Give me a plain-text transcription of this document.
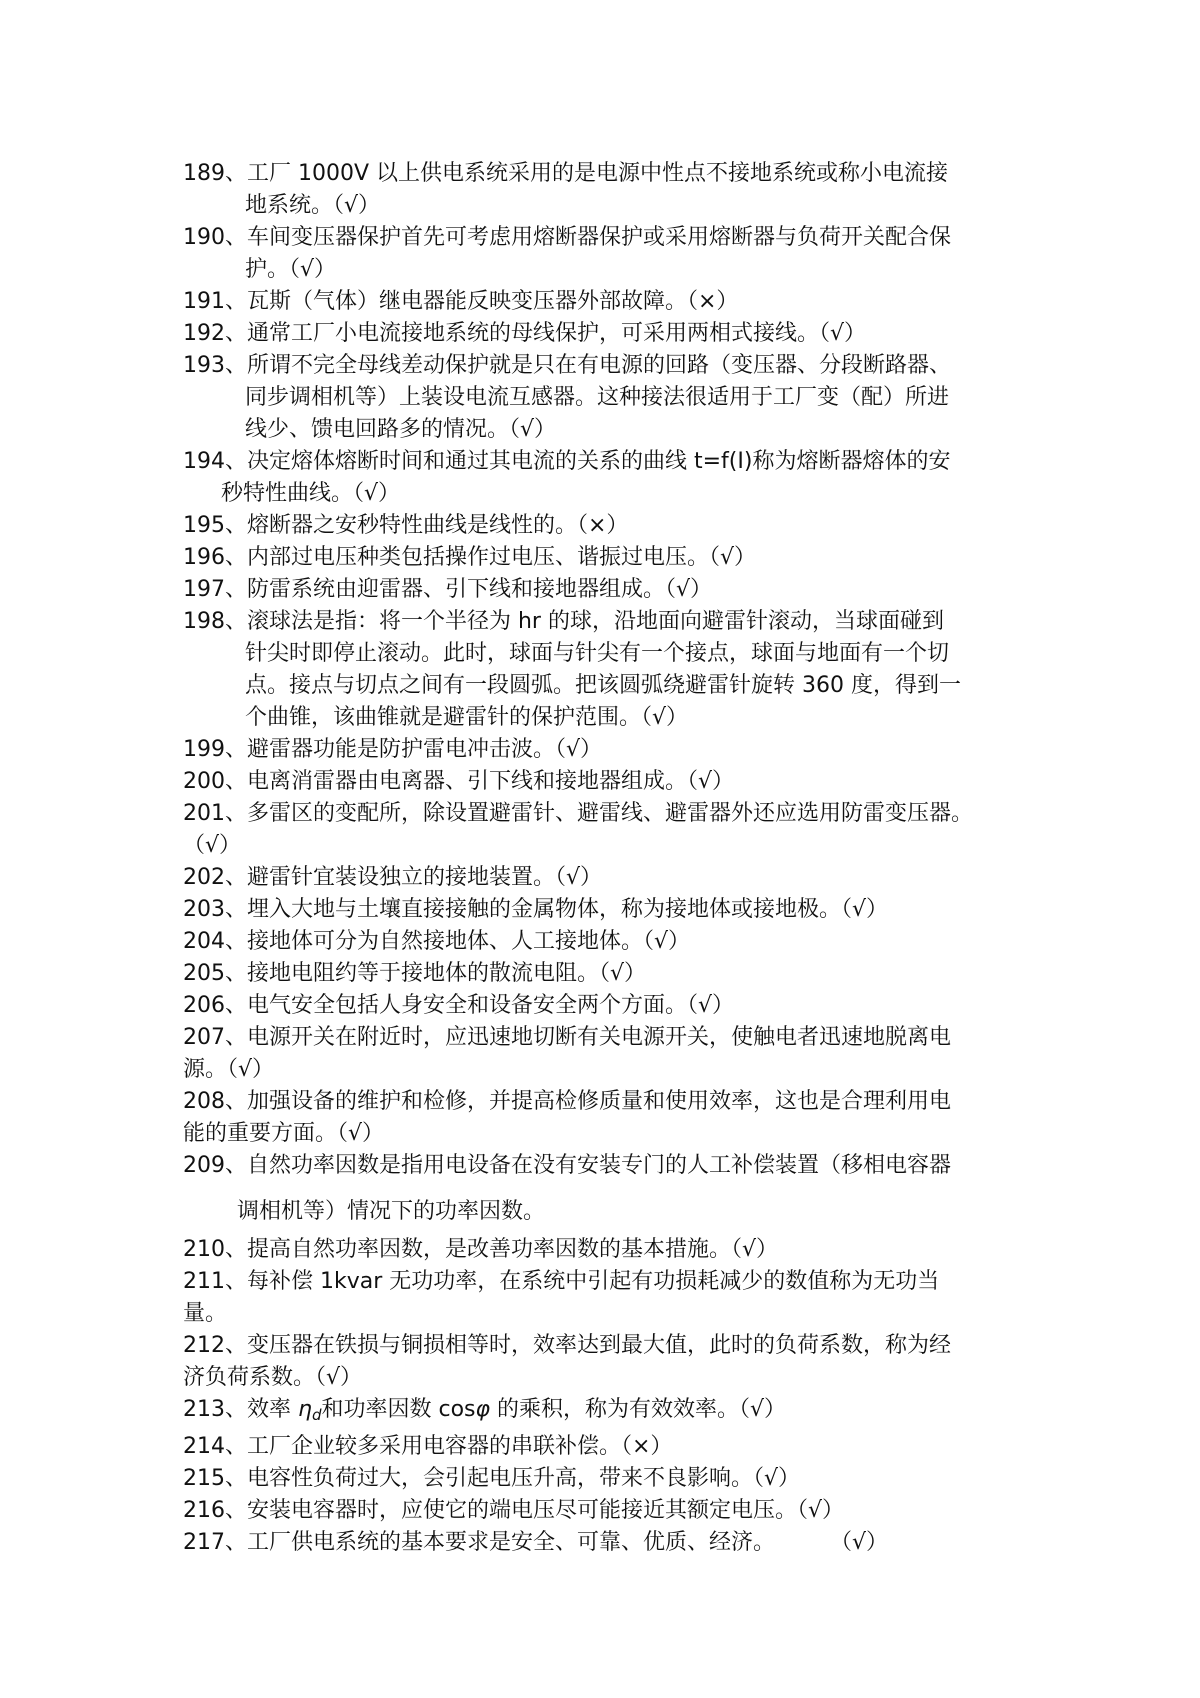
189、工厂 1000V 以上供电系统采用的是电源中性点不接地系统或称小电流接
地系统。（√）

190、车间变压器保护首先可考虑用熔断器保护或采用熔断器与负荷开关配合保
护。（√）

191、瓦斯（气体）继电器能反映变压器外部故障。（×）

192、通常工厂小电流接地系统的母线保护，可采用两相式接线。（√）

193、所谓不完全母线差动保护就是只在有电源的回路（变压器、分段断路器、
同步调相机等）上装设电流互感器。这种接法很适用于工厂变（配）所进
线少、馈电回路多的情况。（√）

194、决定熔体熔断时间和通过其电流的关系的曲线 t=f(I)称为熔断器熔体的安
秒特性曲线。（√）

195、熔断器之安秒特性曲线是线性的。（×）

196、内部过电压种类包括操作过电压、谐振过电压。（√）

197、防雷系统由迎雷器、引下线和接地器组成。（√）

198、滚球法是指：将一个半径为 hr 的球，沿地面向避雷针滚动，当球面碰到
针尖时即停止滚动。此时，球面与针尖有一个接点，球面与地面有一个切
点。接点与切点之间有一段圆弧。把该圆弧绕避雷针旋转 360 度，得到一
个曲锥，该曲锥就是避雷针的保护范围。（√）

199、避雷器功能是防护雷电冲击波。（√）

200、电离消雷器由电离器、引下线和接地器组成。（√）

201、多雷区的变配所，除设置避雷针、避雷线、避雷器外还应选用防雷变压器。
（√）

202、避雷针宜装设独立的接地装置。（√）

203、埋入大地与土壤直接接触的金属物体，称为接地体或接地极。（√）

204、接地体可分为自然接地体、人工接地体。（√）

205、接地电阻约等于接地体的散流电阻。（√）

206、电气安全包括人身安全和设备安全两个方面。（√）

207、电源开关在附近时，应迅速地切断有关电源开关，使触电者迅速地脱离电
源。（√）

208、加强设备的维护和检修，并提高检修质量和使用效率，这也是合理利用电
能的重要方面。（√）

209、自然功率因数是指用电设备在没有安装专门的人工补偿装置（移相电容器
调相机等）情况下的功率因数。

210、提高自然功率因数，是改善功率因数的基本措施。（√）

211、每补偿 1kvar 无功功率，在系统中引起有功损耗减少的数值称为无功当
量。

212、变压器在铁损与铜损相等时，效率达到最大值，此时的负荷系数，称为经
济负荷系数。（√）

213、效率 $\eta_d$和功率因数 cosφ 的乘积，称为有效效率。（√）

214、工厂企业较多采用电容器的串联补偿。（×）

215、电容性负荷过大，会引起电压升高，带来不良影响。（√）

216、安装电容器时，应使它的端电压尽可能接近其额定电压。（√）

217、工厂供电系统的基本要求是安全、可靠、优质、经济。	（√）
